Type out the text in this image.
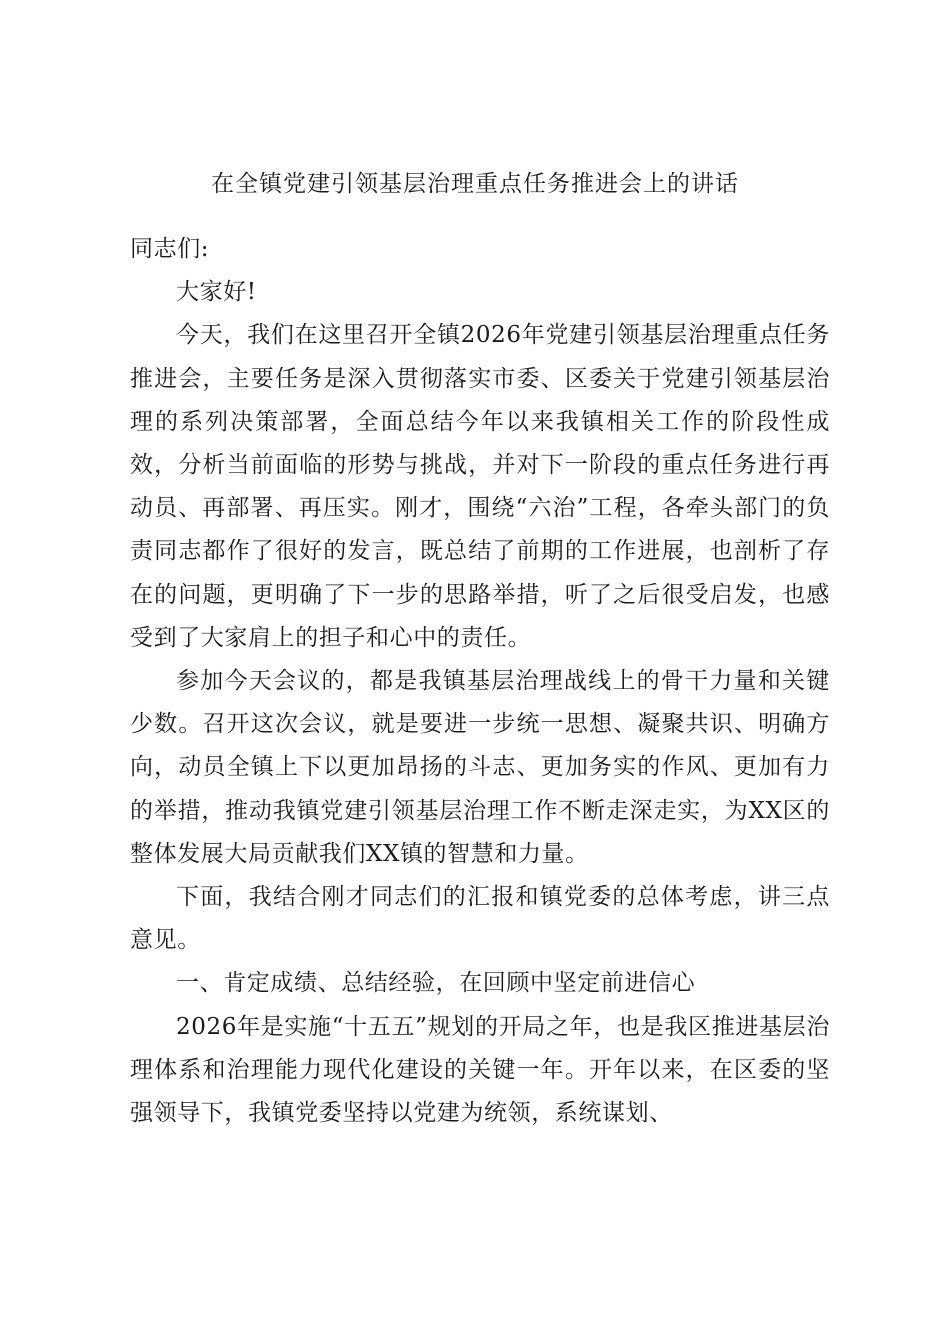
在全镇党建引领基层治理重点任务推进会上的讲话

同志们:

大家好!

今天，我们在这里召开全镇2026年党建引领基层治理重点任务推进会，主要任务是深入贯彻落实市委、区委关于党建引领基层治理的系列决策部署，全面总结今年以来我镇相关工作的阶段性成效，分析当前面临的形势与挑战，并对下一阶段的重点任务进行再动员、再部署、再压实。刚才，围绕“六治”工程，各牵头部门的负责同志都作了很好的发言，既总结了前期的工作进展，也剖析了存在的问题，更明确了下一步的思路举措，听了之后很受启发，也感受到了大家肩上的担子和心中的责任。

参加今天会议的，都是我镇基层治理战线上的骨干力量和关键少数。召开这次会议，就是要进一步统一思想、凝聚共识、明确方向，动员全镇上下以更加昂扬的斗志、更加务实的作风、更加有力的举措，推动我镇党建引领基层治理工作不断走深走实，为XX区的整体发展大局贡献我们XX镇的智慧和力量。

下面，我结合刚才同志们的汇报和镇党委的总体考虑，讲三点意见。

一、肯定成绩、总结经验，在回顾中坚定前进信心

2026年是实施“十五五”规划的开局之年，也是我区推进基层治理体系和治理能力现代化建设的关键一年。开年以来，在区委的坚强领导下，我镇党委坚持以党建为统领，系统谋划、
